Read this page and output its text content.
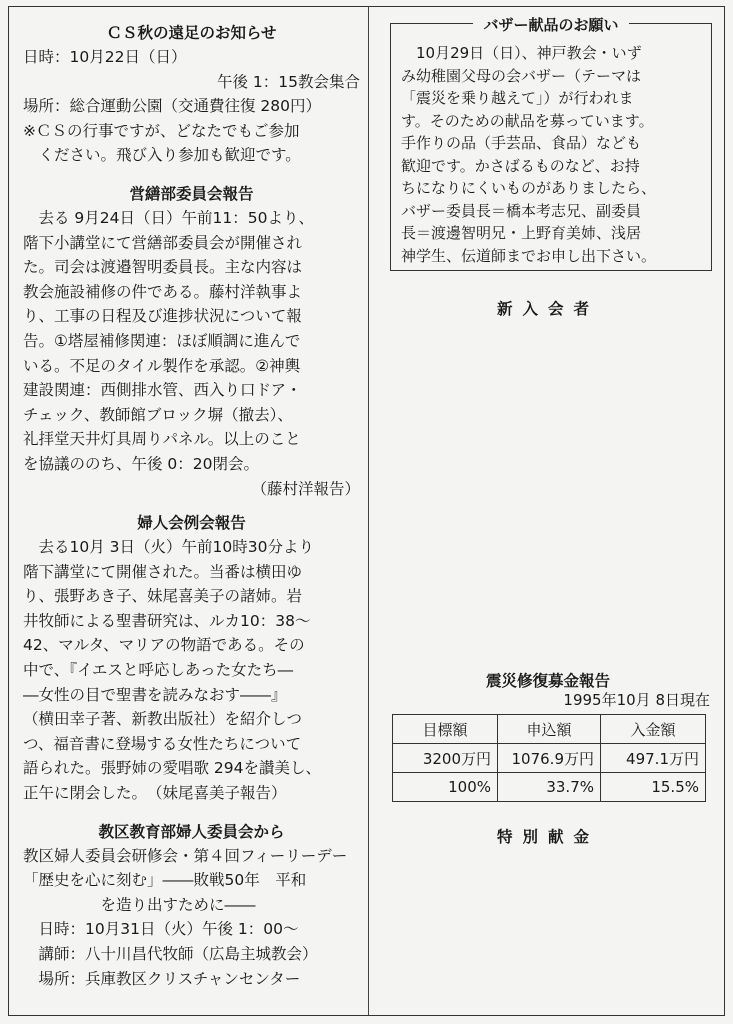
ＣＳ秋の遠足のお知らせ

日時：10月22日（日）

午後 1：15教会集合

場所：総合運動公園（交通費往復 280円）

※ＣＳの行事ですが、どなたでもご参加

　ください。飛び入り参加も歓迎です。

営繕部委員会報告

　去る 9月24日（日）午前11：50より、

階下小講堂にて営繕部委員会が開催され

た。司会は渡邉智明委員長。主な内容は

教会施設補修の件である。藤村洋執事よ

り、工事の日程及び進捗状況について報

告。①塔屋補修関連：ほぼ順調に進んで

いる。不足のタイル製作を承認。②神輿

建設関連：西側排水管、西入り口ドア・

チェック、教師館ブロック塀（撤去）、

礼拝堂天井灯具周りパネル。以上のこと

を協議ののち、午後 0：20閉会。

（藤村洋報告）

婦人会例会報告

　去る10月 3日（火）午前10時30分より

階下講堂にて開催された。当番は横田ゆ

り、張野あき子、妹尾喜美子の諸姉。岩

井牧師による聖書研究は、ルカ10：38〜

42、マルタ、マリアの物語である。その

中で、『イエスと呼応しあった女たち―

―女性の目で聖書を読みなおす――』

（横田幸子著、新教出版社）を紹介しつ

つ、福音書に登場する女性たちについて

語られた。張野姉の愛唱歌 294を讃美し、

正午に閉会した。　（妹尾喜美子報告）

教区教育部婦人委員会から

教区婦人委員会研修会・第４回フィーリーデー

「歴史を心に刻む」――敗戦50年　平和

　　　　　を造り出すために――

　日時：10月31日（火）午後 1：00〜

　講師：八十川昌代牧師（広島主城教会）

　場所：兵庫教区クリスチャンセンター

バザー献品のお願い

　10月29日（日）、神戸教会・いず

み幼稚園父母の会バザー（テーマは

「震災を乗り越えて」）が行われま

す。そのための献品を募っています。

手作りの品（手芸品、食品）なども

歓迎です。かさばるものなど、お持

ちになりにくいものがありましたら、

バザー委員長＝橋本考志兄、副委員

長＝渡邊智明兄・上野育美姉、浅居

神学生、伝道師までお申し出下さい。

新入会者
震災修復募金報告
1995年10月 8日現在
目標額	申込額	入金額
3200万円	1076.9万円	497.1万円
100%	33.7%	15.5%
特別献金
